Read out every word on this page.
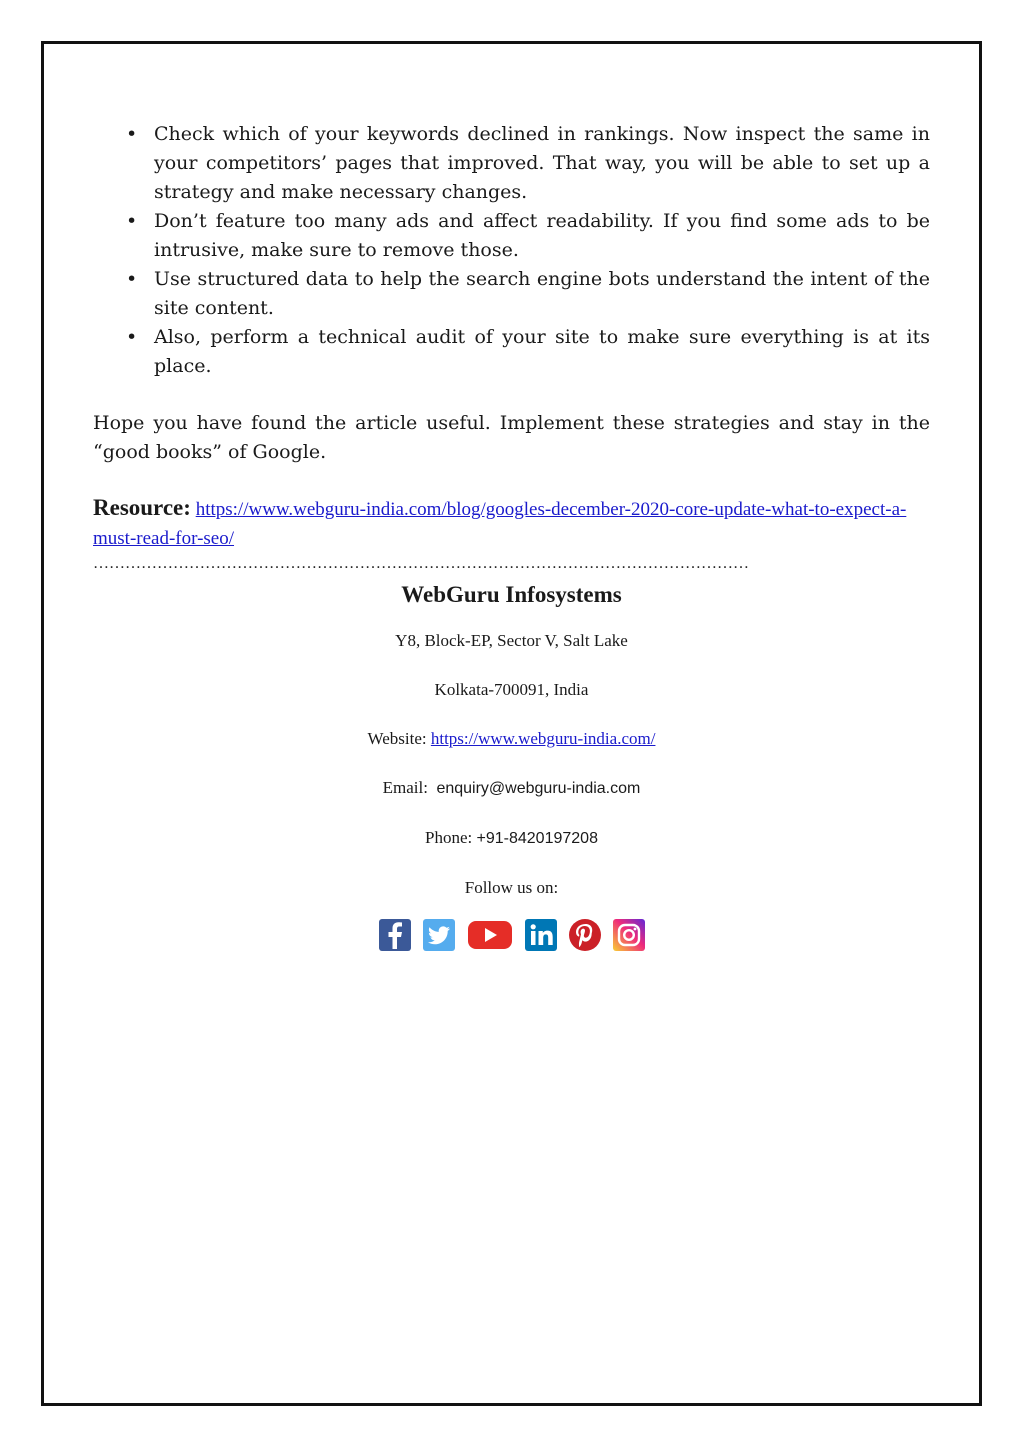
• Check which of your keywords declined in rankings. Now inspect the same in your competitors’ pages that improved. That way, you will be able to set up a strategy and make necessary changes.
• Don’t feature too many ads and affect readability. If you find some ads to be intrusive, make sure to remove those.
• Use structured data to help the search engine bots understand the intent of the site content.
• Also, perform a technical audit of your site to make sure everything is at its place.

Hope you have found the article useful. Implement these strategies and stay in the “good books” of Google.

Resource: https://www.webguru-india.com/blog/googles-december-2020-core-update-what-to-expect-a-must-read-for-seo/
……………………………………………………………………………………………………………

WebGuru Infosystems

Y8, Block-EP, Sector V, Salt Lake

Kolkata-700091, India

Website: https://www.webguru-india.com/

Email: enquiry@webguru-india.com

Phone: +91-8420197208

Follow us on:
